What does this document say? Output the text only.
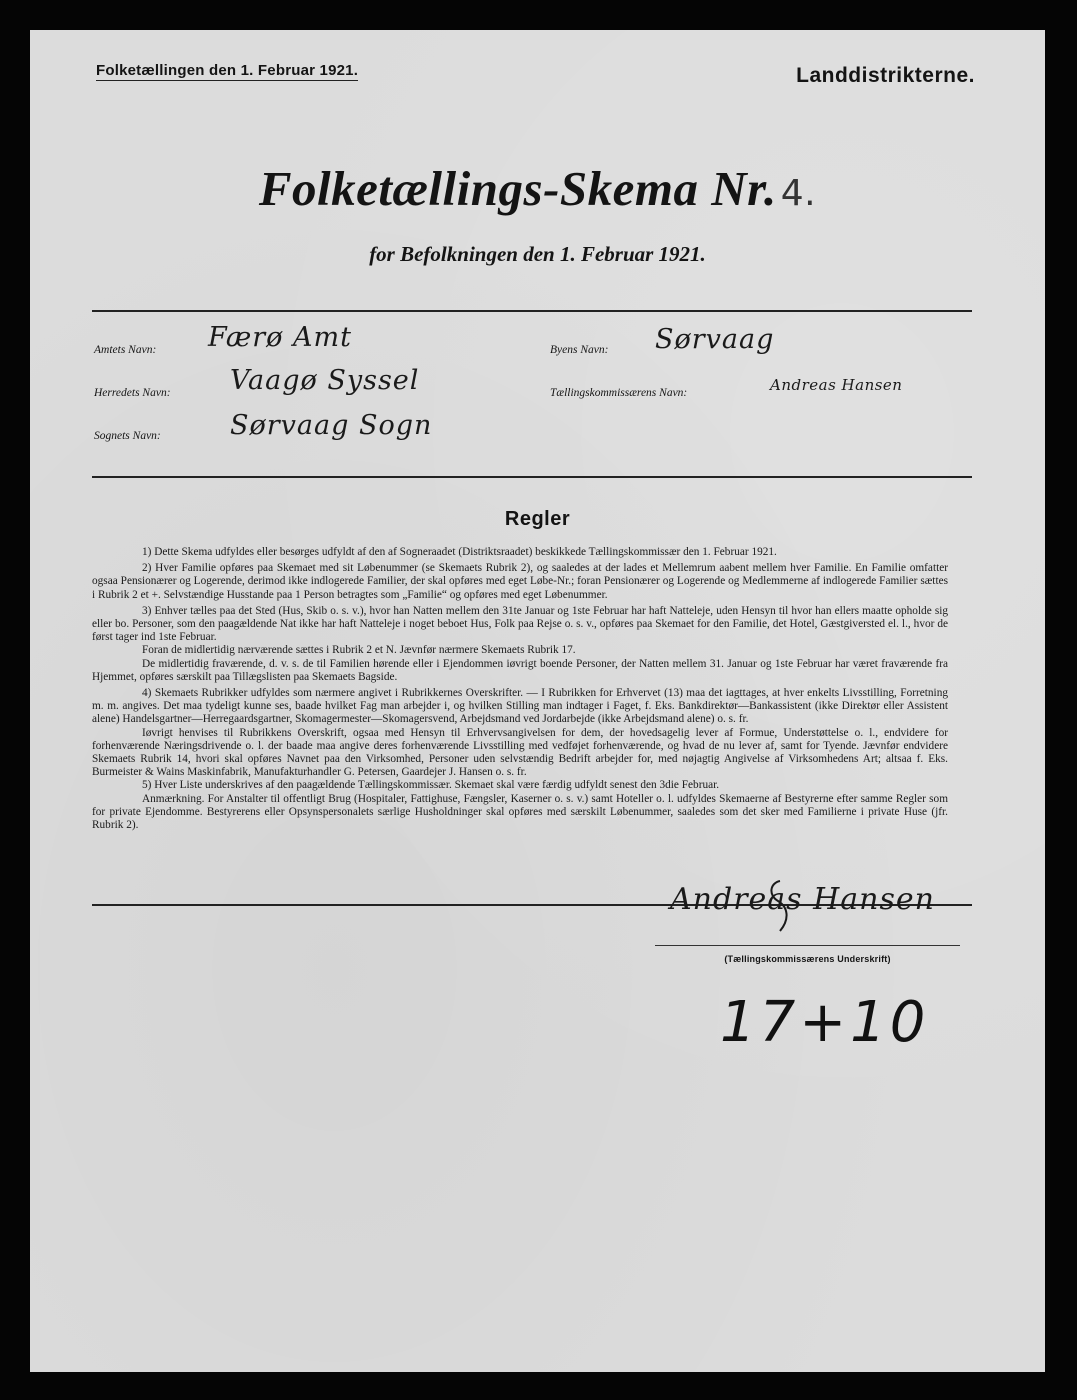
Folketællingen den 1. Februar 1921.	Landdistrikterne.
Folketællings-Skema Nr. 4.
for Befolkningen den 1. Februar 1921.
Amtets Navn: Færø Amt
Herredets Navn: Vaagø Syssel
Sognets Navn:	Sørvaag Sogn
Byens Navn: Sørvaag
Tællingskommissærens Navn:	Andreas Hansen
Regler

1) Dette Skema udfyldes eller besørges udfyldt af den af Sogneraadet (Distriktsraadet) beskikkede Tællingskommissær den 1. Februar 1921.

2) Hver Familie opføres paa Skemaet med sit Løbenummer (se Skemaets Rubrik 2), og saaledes at der lades et Mellemrum aabent mellem hver Familie. En Familie omfatter ogsaa Pensionærer og Logerende, derimod ikke indlogerede Familier, der skal opføres med eget Løbe-Nr.; foran Pensionærer og Logerende og Medlemmerne af indlogerede Familier sættes i Rubrik 2 et +. Selvstændige Husstande paa 1 Person betragtes som „Familie“ og opføres med eget Løbenummer.

3) Enhver tælles paa det Sted (Hus, Skib o. s. v.), hvor han Natten mellem den 31te Januar og 1ste Februar har haft Natteleje, uden Hensyn til hvor han ellers maatte opholde sig eller bo. Personer, som den paagældende Nat ikke har haft Natteleje i noget beboet Hus, Folk paa Rejse o. s. v., opføres paa Skemaet for den Familie, det Hotel, Gæstgiversted el. l., hvor de først tager ind 1ste Februar.

Foran de midlertidig nærværende sættes i Rubrik 2 et N. Jævnfør nærmere Skemaets Rubrik 17.

De midlertidig fraværende, d. v. s. de til Familien hørende eller i Ejendommen iøvrigt boende Personer, der Natten mellem 31. Januar og 1ste Februar har været fraværende fra Hjemmet, opføres særskilt paa Tillægslisten paa Skemaets Bagside.

4) Skemaets Rubrikker udfyldes som nærmere angivet i Rubrikkernes Overskrifter. — I Rubrikken for Erhvervet (13) maa det iagttages, at hver enkelts Livsstilling, Forretning m. m. angives. Det maa tydeligt kunne ses, baade hvilket Fag man arbejder i, og hvilken Stilling man indtager i Faget, f. Eks. Bankdirektør—Bankassistent (ikke Direktør eller Assistent alene) Handelsgartner—Herregaardsgartner, Skomagermester—Skomagersvend, Arbejdsmand ved Jordarbejde (ikke Arbejdsmand alene) o. s. fr.

Iøvrigt henvises til Rubrikkens Overskrift, ogsaa med Hensyn til Erhvervsangivelsen for dem, der hovedsagelig lever af Formue, Understøttelse o. l., endvidere for forhenværende Næringsdrivende o. l. der baade maa angive deres forhenværende Livsstilling med vedføjet forhenværende, og hvad de nu lever af, samt for Tyende. Jævnfør endvidere Skemaets Rubrik 14, hvori skal opføres Navnet paa den Virksomhed, Personer uden selvstændig Bedrift arbejder for, med nøjagtig Angivelse af Virksomhedens Art; altsaa f. Eks. Burmeister & Wains Maskinfabrik, Manufakturhandler G. Petersen, Gaardejer J. Hansen o. s. fr.

5) Hver Liste underskrives af den paagældende Tællingskommissær. Skemaet skal være færdig udfyldt senest den 3die Februar.

Anmærkning. For Anstalter til offentligt Brug (Hospitaler, Fattighuse, Fængsler, Kaserner o. s. v.) samt Hoteller o. l. udfyldes Skemaerne af Bestyrerne efter samme Regler som for private Ejendomme. Bestyrerens eller Opsynspersonalets særlige Husholdninger skal opføres med særskilt Løbenummer, saaledes som det sker med Familierne i private Huse (jfr. Rubrik 2).

Andreas Hansen
(Tællingskommissærens Underskrift)
17+10
